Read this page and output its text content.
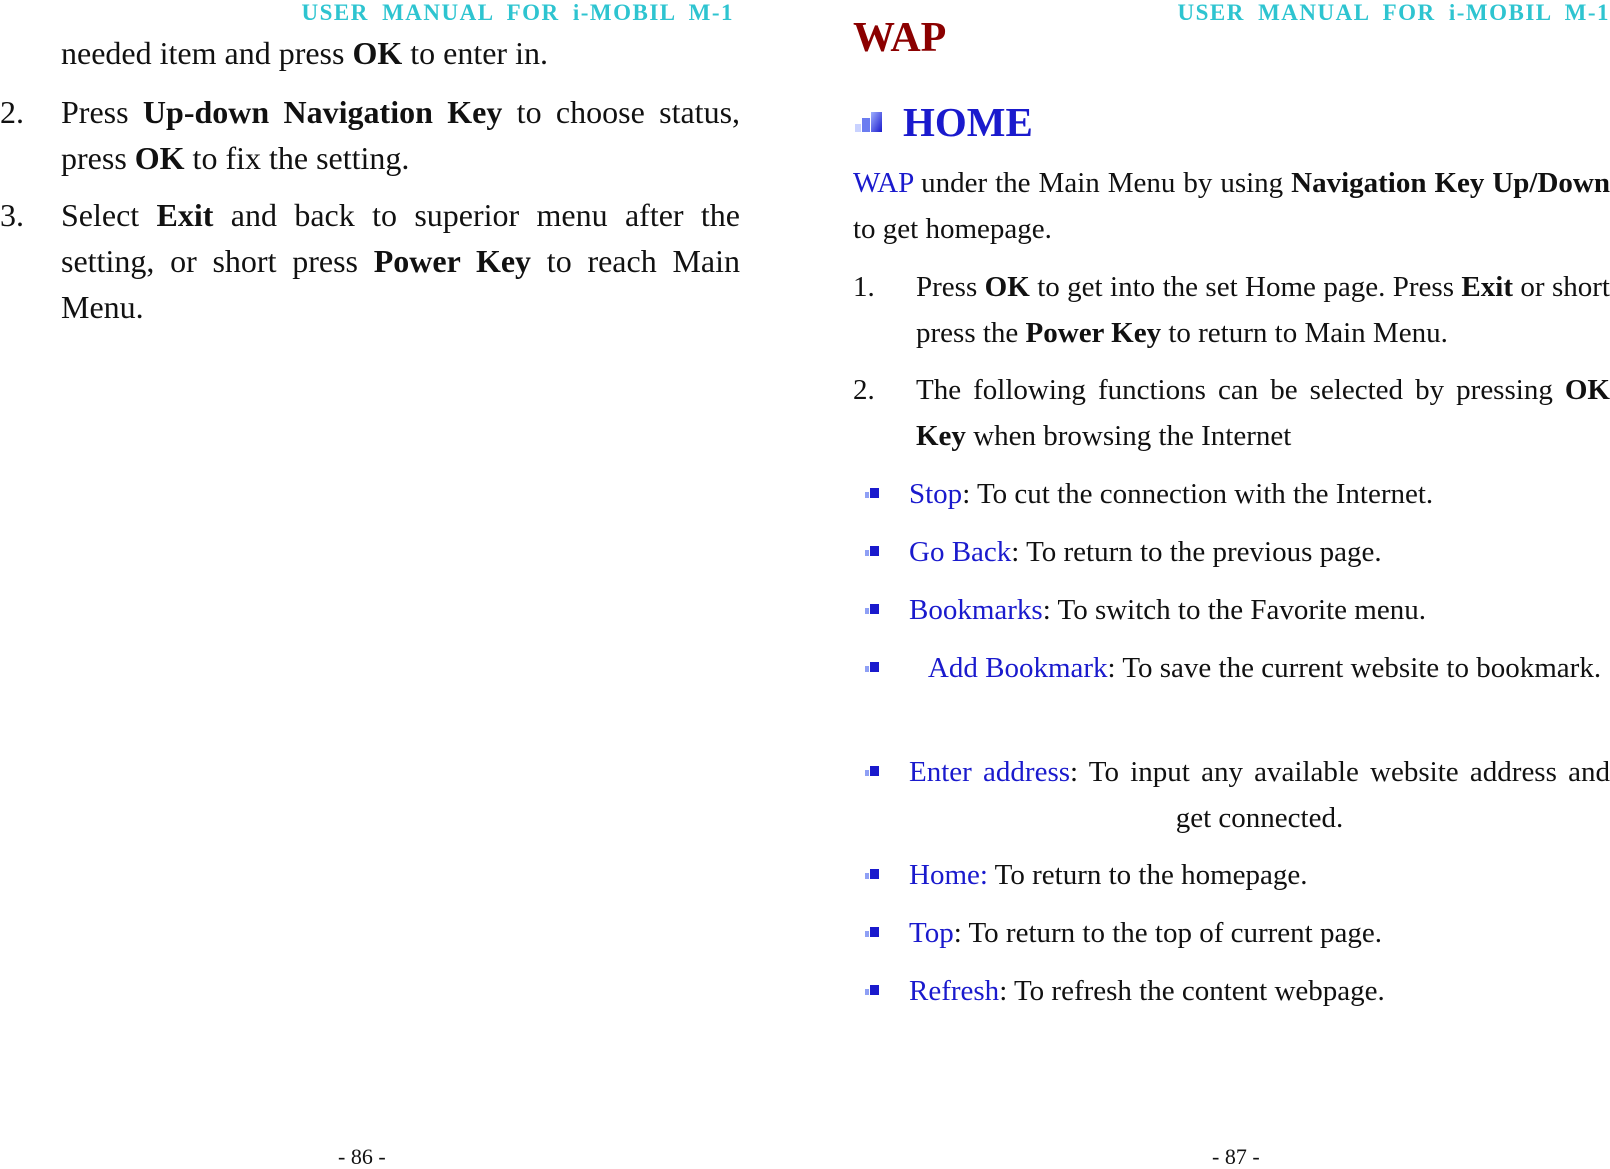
USER MANUAL FOR i-MOBIL M-1
needed item and press OK to enter in.
2. Press Up-down Navigation Key to choose status, press OK to fix the setting.
3. Select Exit and back to superior menu after the setting, or short press Power Key to reach Main Menu.
- 86 -
USER MANUAL FOR i-MOBIL M-1
WAP
HOME
WAP under the Main Menu by using Navigation Key Up/Down to get homepage.
1. Press OK to get into the set Home page. Press Exit or short press the Power Key to return to Main Menu.
2. The following functions can be selected by pressing OK Key when browsing the Internet
Stop: To cut the connection with the Internet.
Go Back: To return to the previous page.
Bookmarks: To switch to the Favorite menu.
Add Bookmark: To save the current website to bookmark.
Enter address: To input any available website address and get connected.
Home: To return to the homepage.
Top: To return to the top of current page.
Refresh: To refresh the content webpage.
- 87 -
